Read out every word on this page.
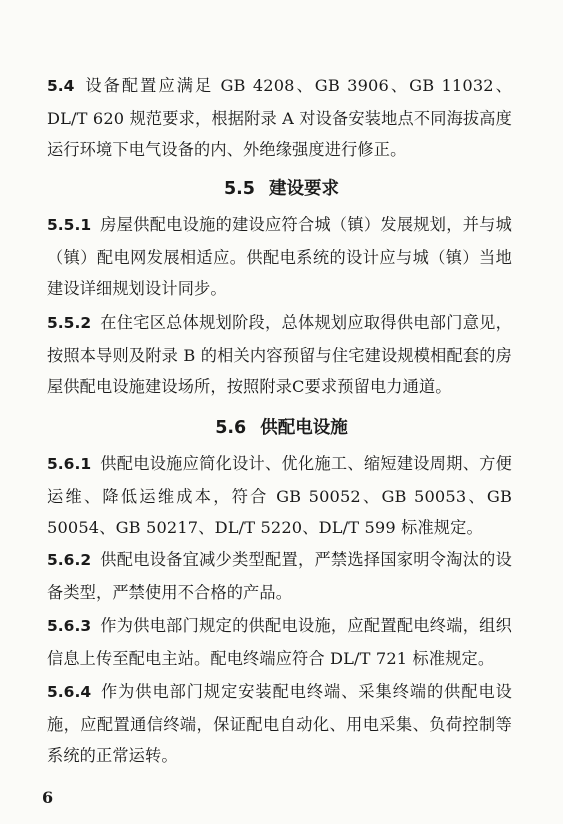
5.4 设备配置应满足 GB 4208、GB 3906、GB 11032、DL/T 620 规范要求，根据附录 A 对设备安装地点不同海拔高度运行环境下电气设备的内、外绝缘强度进行修正。
5.5 建设要求
5.5.1 房屋供配电设施的建设应符合城（镇）发展规划，并与城（镇）配电网发展相适应。供配电系统的设计应与城（镇）当地建设详细规划设计同步。
5.5.2 在住宅区总体规划阶段，总体规划应取得供电部门意见，按照本导则及附录 B 的相关内容预留与住宅建设规模相配套的房屋供配电设施建设场所，按照附录C要求预留电力通道。
5.6 供配电设施
5.6.1 供配电设施应简化设计、优化施工、缩短建设周期、方便运维、降低运维成本，符合 GB 50052、GB 50053、GB 50054、GB 50217、DL/T 5220、DL/T 599 标准规定。
5.6.2 供配电设备宜减少类型配置，严禁选择国家明令淘汰的设备类型，严禁使用不合格的产品。
5.6.3 作为供电部门规定的供配电设施，应配置配电终端，组织信息上传至配电主站。配电终端应符合 DL/T 721 标准规定。
5.6.4 作为供电部门规定安装配电终端、采集终端的供配电设施，应配置通信终端，保证配电自动化、用电采集、负荷控制等系统的正常运转。
6
